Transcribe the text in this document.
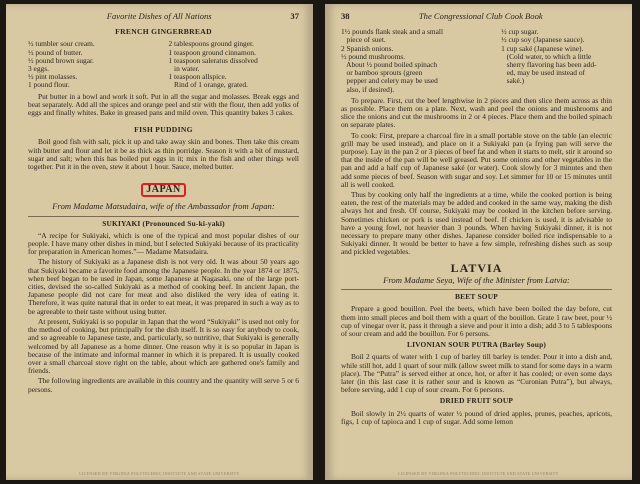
Favorite Dishes of All Nations	37
FRENCH GINGERBREAD
½ tumbler sour cream.
½ pound of butter.
½ pound brown sugar.
3 eggs.
½ pint molasses.
1 pound flour.
2 tablespoons ground ginger.
1 teaspoon ground cinnamon.
1 teaspoon saleratus dissolved
in water.
1 teaspoon allspice.
Rind of 1 orange, grated.

Put butter in a bowl and work it soft. Put in all the sugar and molasses. Break eggs and beat separately. Add all the spices and orange peel and stir with the flour, then add yolks of eggs and finally whites. Bake in greased pans and mild oven. This quantity bakes 3 cakes.

FISH PUDDING

Boil good fish with salt, pick it up and take away skin and bones. Then take this cream with butter and flour and let it be as thick as thin porridge. Season it with a bit of mustard, sugar and salt; when this has boiled put eggs in it; mix in the fish and other things well together. Put it in the oven, stew it about 1 hour. Sauce, melted butter.

JAPAN
From Madame Matsudaira, wife of the Ambassador from Japan:
SUKIYAKI (Pronounced Su-ki-yaki)

“A recipe for Sukiyaki, which is one of the typical and most popular dishes of our people. I have many other dishes in mind, but I selected Sukiyaki because of its practicality for preparation in American homes.”— Madame Matsudaira.

The history of Sukiyaki as a Japanese dish is not very old. It was about 50 years ago that Sukiyaki became a favorite food among the Japanese people. In the year 1874 or 1875, when beef began to be used in Japan, some Japanese at Nagasaki, one of the large port-cities, devised the so-called Sukiyaki as a method of cooking beef. In ancient Japan, the Japanese people did not care for meat and also disliked the very idea of eating it. Therefore, it was quite natural that in order to eat meat, it was prepared in such a way as to be agreeable to their taste without using butter.

At present, Sukiyaki is so popular in Japan that the word “Sukiyaki” is used not only for the method of cooking, but principally for the dish itself. It is so easy for anybody to cook, and so agreeable to Japanese taste, and, particularly, so nutritive, that Sukiyaki is generally welcomed by all Japanese as a home dinner. One reason why it is so popular in Japan is because of the intimate and informal manner in which it is prepared. It is usually cooked over a small charcoal stove right on the table, about which are gathered one's family and friends.

The following ingredients are available in this country and the quantity will serve 5 or 6 persons.

LICENSED BY VIRGINIA POLYTECHNIC INSTITUTE AND STATE UNIVERSITY
38	The Congressional Club Cook Book
1½ pounds flank steak and a small
piece of suet.
2 Spanish onions.
½ pound mushrooms.
About ½ pound boiled spinach
or bamboo sprouts (green
pepper and celery may be used
also, if desired).
½ cup sugar.
½ cup soy (Japanese sauce).
1 cup saké (Japanese wine).
(Cold water, to which a little
sherry flavoring has been add-
ed, may be used instead of
saké.)

To prepare. First, cut the beef lengthwise in 2 pieces and then slice them across as thin as possible. Place them on a plate. Next, wash and peel the onions and mushrooms and slice the onions and cut the mushrooms in 2 or 4 pieces. Place them and the boiled spinach on separate plates.

To cook: First, prepare a charcoal fire in a small portable stove on the table (an electric grill may be used instead), and place on it a Sukiyaki pan (a frying pan will serve the purpose). Lay in the pan 2 or 3 pieces of beef fat and when it starts to melt, stir it around so that the inside of the pan will be well greased. Put some onions and other vegetables in the pan and add a half cup of Japanese saké (or water). Cook slowly for 3 minutes and then add some pieces of beef. Season with sugar and soy. Let simmer for 10 or 15 minutes until all is well cooked.

Thus by cooking only half the ingredients at a time, while the cooked portion is being eaten, the rest of the materials may be added and cooked in the same way, making the dish always hot and fresh. Of course, Sukiyaki may be cooked in the kitchen before serving. Sometimes chicken or pork is used instead of beef. If chicken is used, it is advisable to have a young fowl, not heavier than 3 pounds. When having Sukiyaki dinner, it is not necessary to prepare many other dishes. Japanese consider boiled rice indispensable to a Sukiyaki dinner. It would be better to have a few simple, refreshing dishes such as soup and pickled vegetables.

LATVIA
From Madame Seya, Wife of the Minister from Latvia:
BEET SOUP

Prepare a good bouillon. Peel the beets, which have been boiled the day before, cut them into small pieces and boil them with a quart of the bouillon. Grate 1 raw beet, pour ½ cup of vinegar over it, pass it through a sieve and pour it into a dish; add 3 to 5 tablespoons of sour cream and add the bouillon. For 6 persons.

LIVONIAN SOUR PUTRA (Barley Soup)

Boil 2 quarts of water with 1 cup of barley till barley is tender. Pour it into a dish and, while still hot, add 1 quart of sour milk (allow sweet milk to stand for some days in a warm place). The “Putra” is served either at once, hot, or after it has cooled; or even some days later (in this last case it is rather sour and is known as “Curonian Putra”), but always, before serving, add 1 cup of sour cream. For 6 persons.

DRIED FRUIT SOUP

Boil slowly in 2½ quarts of water ½ pound of dried apples, prunes, peaches, apricots, figs, 1 cup of tapioca and 1 cup of sugar. Add some lemon

LICENSED BY VIRGINIA POLYTECHNIC INSTITUTE AND STATE UNIVERSITY
